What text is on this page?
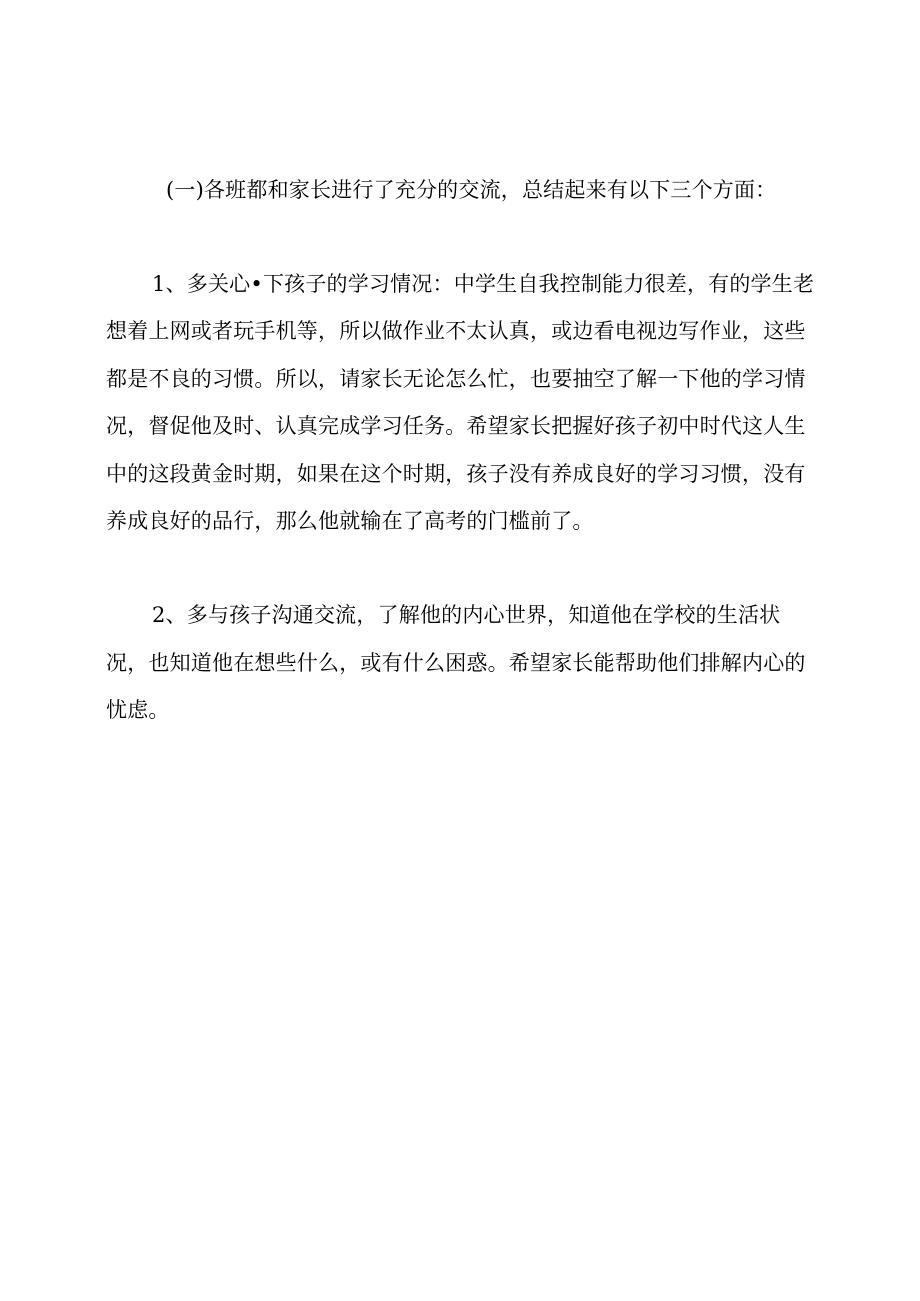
(一)各班都和家长进行了充分的交流，总结起来有以下三个方面：
1、多关心•下孩子的学习情况：中学生自我控制能力很差，有的学生老
想着上网或者玩手机等，所以做作业不太认真，或边看电视边写作业，这些
都是不良的习惯。所以，请家长无论怎么忙，也要抽空了解一下他的学习情
况，督促他及时、认真完成学习任务。希望家长把握好孩子初中时代这人生
中的这段黄金时期，如果在这个时期，孩子没有养成良好的学习习惯，没有
养成良好的品行，那么他就输在了高考的门槛前了。
2、多与孩子沟通交流，了解他的内心世界，知道他在学校的生活状
况，也知道他在想些什么，或有什么困惑。希望家长能帮助他们排解内心的
忧虑。
